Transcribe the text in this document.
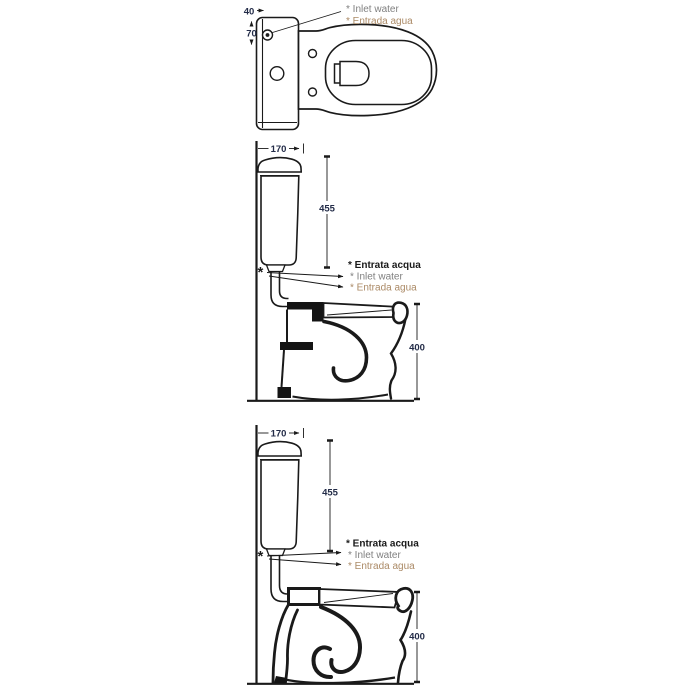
* Inlet water
* Entrada agua
40
70
*	* Entrata acqua
* Inlet water
* Entrada agua
170
455
400
*
* Entrata acqua
* Inlet water
* Entrada agua
170
455
400
